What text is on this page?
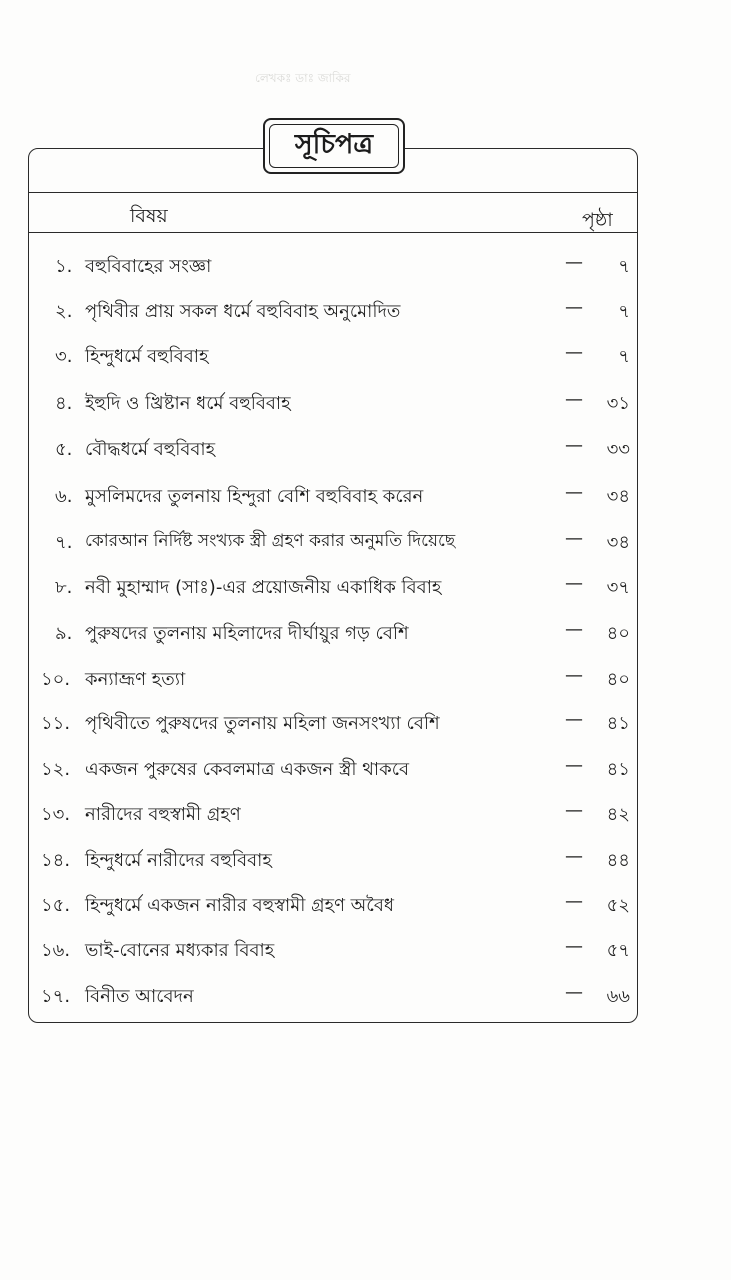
লেখকঃ ডাঃ জাকির
সূচিপত্র
বিষয়	পৃষ্ঠা
১. বহুবিবাহের সংজ্ঞা	— ৭
২. পৃথিবীর প্রায় সকল ধর্মে বহুবিবাহ অনুমোদিত	— ৭
৩. হিন্দুধর্মে বহুবিবাহ	— ৭
৪. ইহুদি ও খ্রিষ্টান ধর্মে বহুবিবাহ	— ৩১
৫. বৌদ্ধধর্মে বহুবিবাহ	— ৩৩
৬. মুসলিমদের তুলনায় হিন্দুরা বেশি বহুবিবাহ করেন	— ৩৪
৭. কোরআন নির্দিষ্ট সংখ্যক স্ত্রী গ্রহণ করার অনুমতি দিয়েছে	— ৩৪
৮. নবী মুহাম্মাদ (সাঃ)-এর প্রয়োজনীয় একাধিক বিবাহ	— ৩৭
৯. পুরুষদের তুলনায় মহিলাদের দীর্ঘায়ুর গড় বেশি	— ৪০
১০. কন্যাভ্রূণ হত্যা	— ৪০
১১. পৃথিবীতে পুরুষদের তুলনায় মহিলা জনসংখ্যা বেশি	— ৪১
১২. একজন পুরুষের কেবলমাত্র একজন স্ত্রী থাকবে	— ৪১
১৩. নারীদের বহুস্বামী গ্রহণ	— ৪২
১৪. হিন্দুধর্মে নারীদের বহুবিবাহ	— ৪৪
১৫. হিন্দুধর্মে একজন নারীর বহুস্বামী গ্রহণ অবৈধ	— ৫২
১৬. ভাই-বোনের মধ্যকার বিবাহ	— ৫৭
১৭. বিনীত আবেদন	— ৬৬
